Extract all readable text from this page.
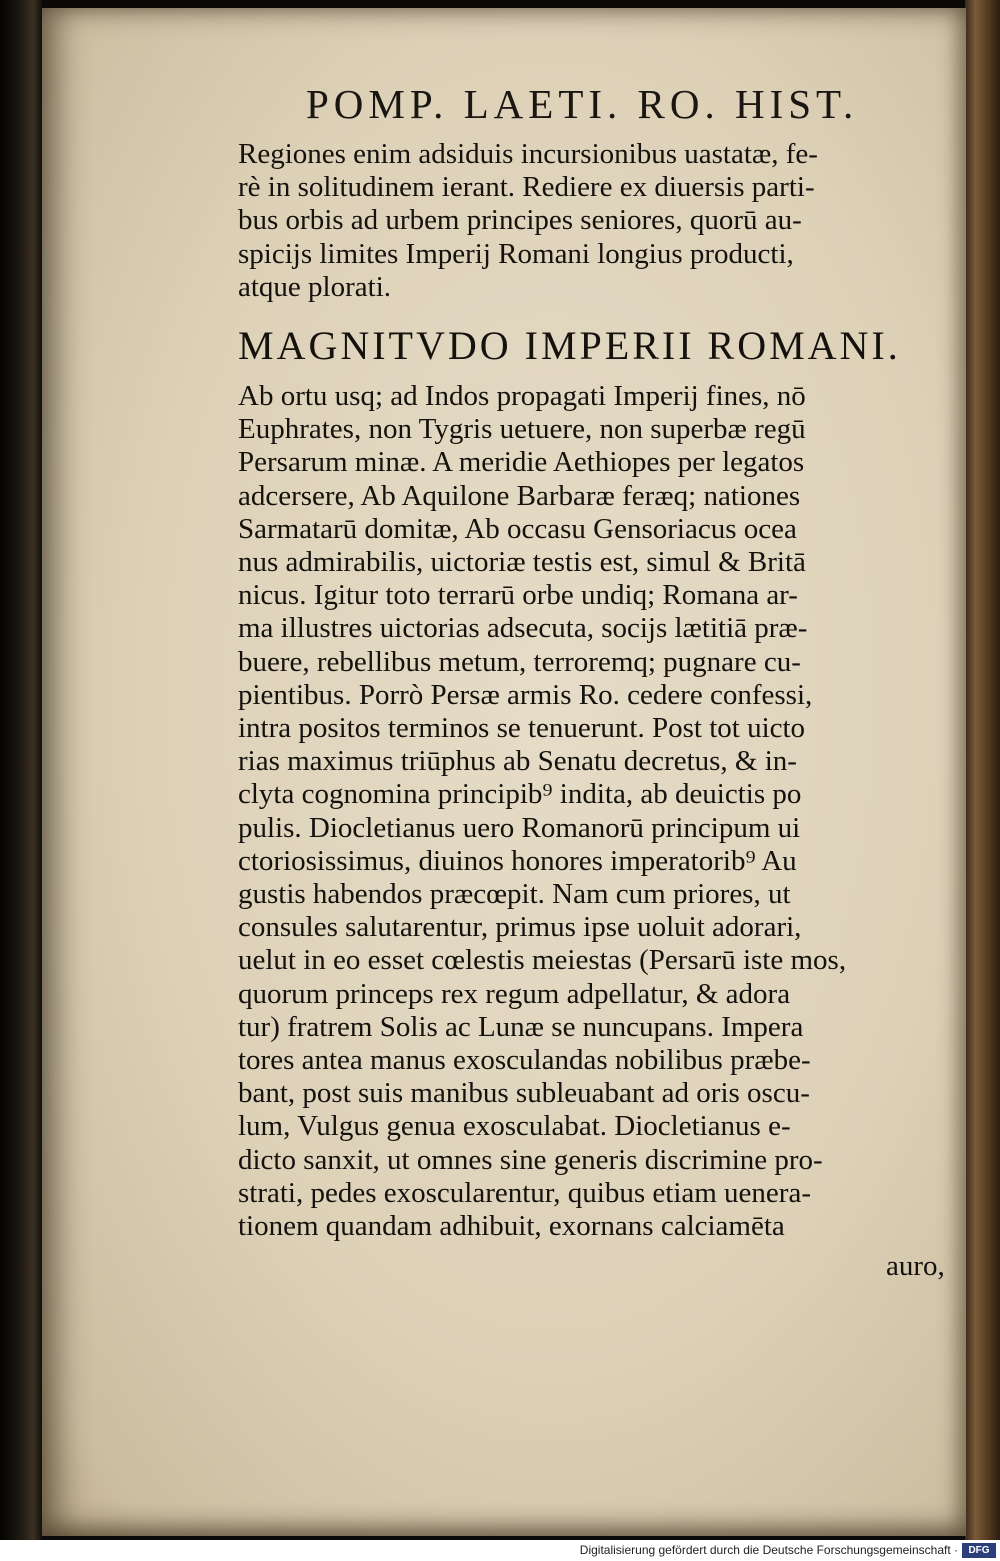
POMP. LAETI. RO. HIST.

Regiones enim adsiduis incursionibus uastatæ, fe-
rè in solitudinem ierant. Rediere ex diuersis parti-
bus orbis ad urbem principes seniores, quorū au-
spicijs limites Imperij Romani longius producti,
atque plorati.

MAGNITVDO IMPERII ROMANI.

Ab ortu usq; ad Indos propagati Imperij fines, nō
Euphrates, non Tygris uetuere, non superbæ regū
Persarum minæ. A meridie Aethiopes per legatos
adcersere, Ab Aquilone Barbaræ feræq; nationes
Sarmatarū domitæ, Ab occasu Gensoriacus ocea
nus admirabilis, uictoriæ testis est, simul & Britā
nicus. Igitur toto terrarū orbe undiq; Romana ar-
ma illustres uictorias adsecuta, socijs lætitiā præ-
buere, rebellibus metum, terroremq; pugnare cu-
pientibus. Porrò Persæ armis Ro. cedere confessi,
intra positos terminos se tenuerunt. Post tot uicto
rias maximus triūphus ab Senatu decretus, & in-
clyta cognomina principib⁹ indita, ab deuictis po
pulis. Diocletianus uero Romanorū principum ui
ctoriosissimus, diuinos honores imperatorib⁹ Au
gustis habendos præcœpit. Nam cum priores, ut
consules salutarentur, primus ipse uoluit adorari,
uelut in eo esset cœlestis meiestas (Persarū iste mos,
quorum princeps rex regum adpellatur, & adora
tur) fratrem Solis ac Lunæ se nuncupans. Impera
tores antea manus exosculandas nobilibus præbe-
bant, post suis manibus subleuabant ad oris oscu-
lum, Vulgus genua exosculabat. Diocletianus e-
dicto sanxit, ut omnes sine generis discrimine pro-
strati, pedes exoscularentur, quibus etiam uenera-
tionem quandam adhibuit, exornans calciamēta

auro,
Digitalisierung gefördert durch die Deutsche Forschungsgemeinschaft ·	DFG
